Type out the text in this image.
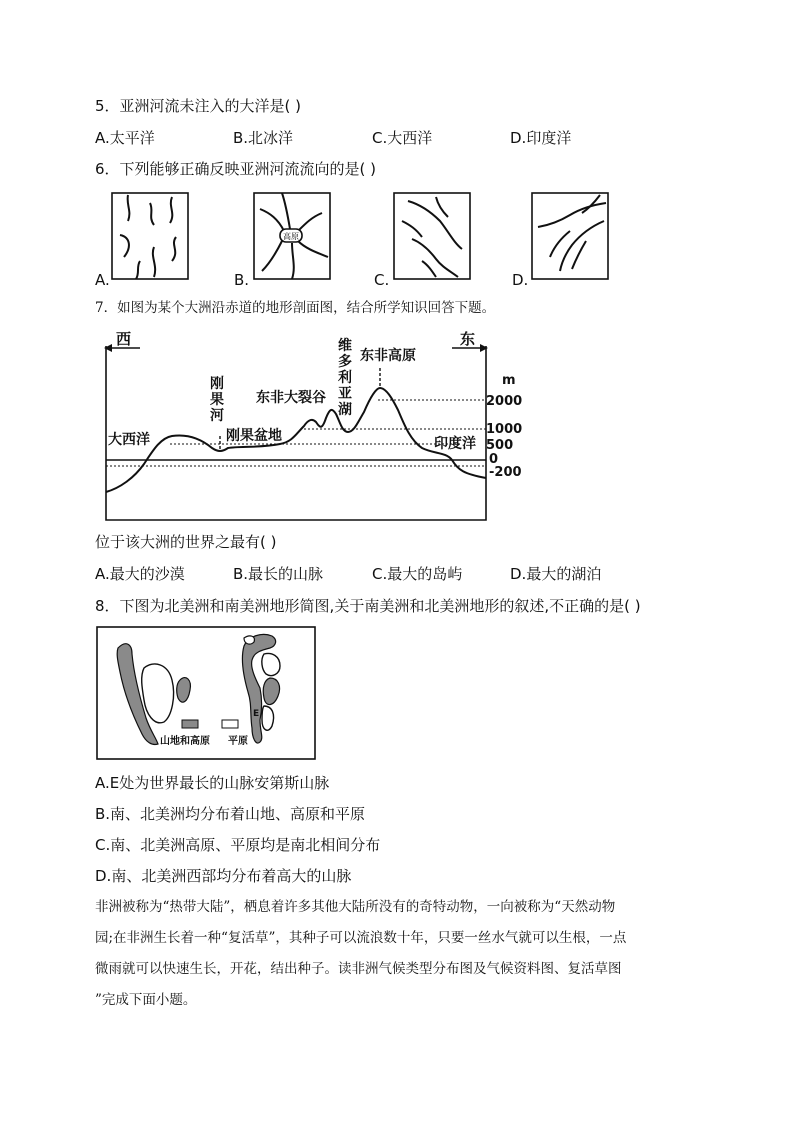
5．亚洲河流未注入的大洋是( )
A.太平洋	B.北冰洋	C.大西洋	D.印度洋
6．下列能够正确反映亚洲河流流向的是( )
A.
高原
B.	C.	D.
7．如图为某个大洲沿赤道的地形剖面图，结合所学知识回答下题。
西	东
大西洋
刚果河
刚果盆地
东非大裂谷
维多利亚湖
东非高原
印度洋
m
2000
1000
500
0
-200
位于该大洲的世界之最有( )
A.最大的沙漠	B.最长的山脉	C.最大的岛屿	D.最大的湖泊
8．下图为北美洲和南美洲地形简图,关于南美洲和北美洲地形的叙述,不正确的是( )
E
山地和高原 平原
A.E处为世界最长的山脉安第斯山脉
B.南、北美洲均分布着山地、高原和平原
C.南、北美洲高原、平原均是南北相间分布
D.南、北美洲西部均分布着高大的山脉
非洲被称为“热带大陆”，栖息着许多其他大陆所没有的奇特动物，一向被称为“天然动物
园;在非洲生长着一种“复活草”，其种子可以流浪数十年，只要一丝水气就可以生根，一点
微雨就可以快速生长，开花，结出种子。读非洲气候类型分布图及气候资料图、复活草图
”完成下面小题。
